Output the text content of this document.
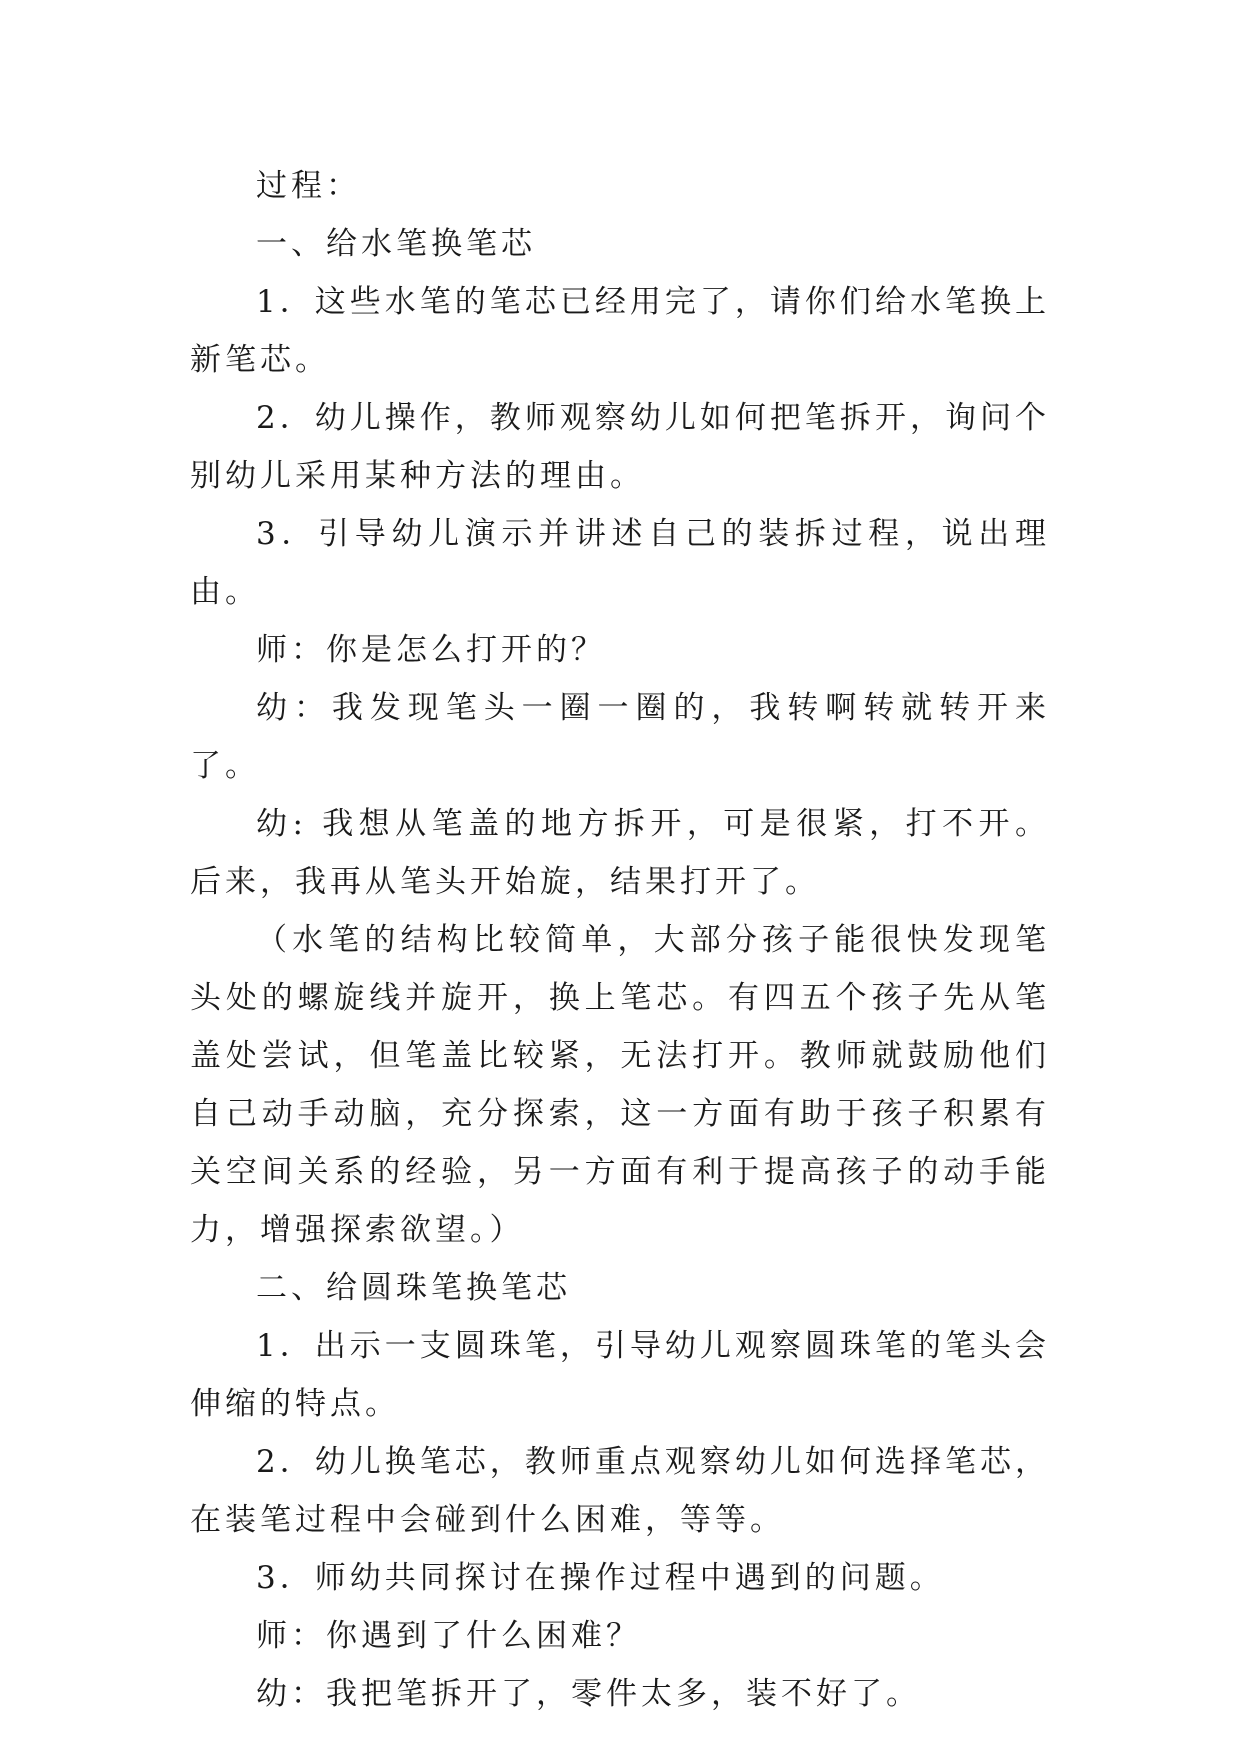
过程：

一、给水笔换笔芯

1．这些水笔的笔芯已经用完了，请你们给水笔换上新笔芯。

2．幼儿操作，教师观察幼儿如何把笔拆开，询问个别幼儿采用某种方法的理由。

3．引导幼儿演示并讲述自己的装拆过程，说出理由。

师：你是怎么打开的？

幼：我发现笔头一圈一圈的，我转啊转就转开来了。

幼: 我想从笔盖的地方拆开，可是很紧，打不开。后来，我再从笔头开始旋，结果打开了。

（水笔的结构比较简单，大部分孩子能很快发现笔头处的螺旋线并旋开，换上笔芯。有四五个孩子先从笔盖处尝试，但笔盖比较紧，无法打开。教师就鼓励他们自己动手动脑，充分探索，这一方面有助于孩子积累有关空间关系的经验，另一方面有利于提高孩子的动手能力，增强探索欲望。）

二、给圆珠笔换笔芯

1．出示一支圆珠笔，引导幼儿观察圆珠笔的笔头会伸缩的特点。

2．幼儿换笔芯，教师重点观察幼儿如何选择笔芯，在装笔过程中会碰到什么困难，等等。

3．师幼共同探讨在操作过程中遇到的问题。

师：你遇到了什么困难？

幼：我把笔拆开了，零件太多，装不好了。
